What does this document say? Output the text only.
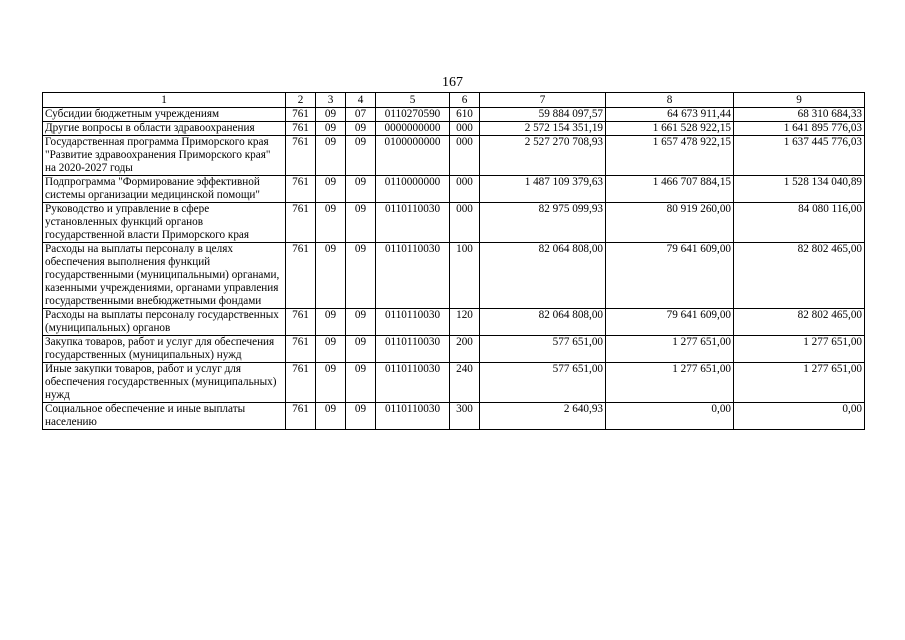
167
1	2	3	4	5	6	7	8	9
Субсидии бюджетным учреждениям	761	09	07	0110270590	610	59 884 097,57	64 673 911,44	68 310 684,33
Другие вопросы в области здравоохранения	761	09	09	0000000000	000	2 572 154 351,19	1 661 528 922,15	1 641 895 776,03
Государственная программа Приморского края "Развитие здравоохранения Приморского края" на 2020-2027 годы	761	09	09	0100000000	000	2 527 270 708,93	1 657 478 922,15	1 637 445 776,03
Подпрограмма "Формирование эффективной системы организации медицинской помощи"	761	09	09	0110000000	000	1 487 109 379,63	1 466 707 884,15	1 528 134 040,89
Руководство и управление в сфере установленных функций органов государственной власти Приморского края	761	09	09	0110110030	000	82 975 099,93	80 919 260,00	84 080 116,00
Расходы на выплаты персоналу в целях обеспечения выполнения функций государственными (муниципальными) органами, казенными учреждениями, органами управления государственными внебюджетными фондами	761	09	09	0110110030	100	82 064 808,00	79 641 609,00	82 802 465,00
Расходы на выплаты персоналу государственных (муниципальных) органов	761	09	09	0110110030	120	82 064 808,00	79 641 609,00	82 802 465,00
Закупка товаров, работ и услуг для обеспечения государственных (муниципальных) нужд	761	09	09	0110110030	200	577 651,00	1 277 651,00	1 277 651,00
Иные закупки товаров, работ и услуг для обеспечения государственных (муниципальных) нужд	761	09	09	0110110030	240	577 651,00	1 277 651,00	1 277 651,00
Социальное обеспечение и иные выплаты населению	761	09	09	0110110030	300	2 640,93	0,00	0,00
